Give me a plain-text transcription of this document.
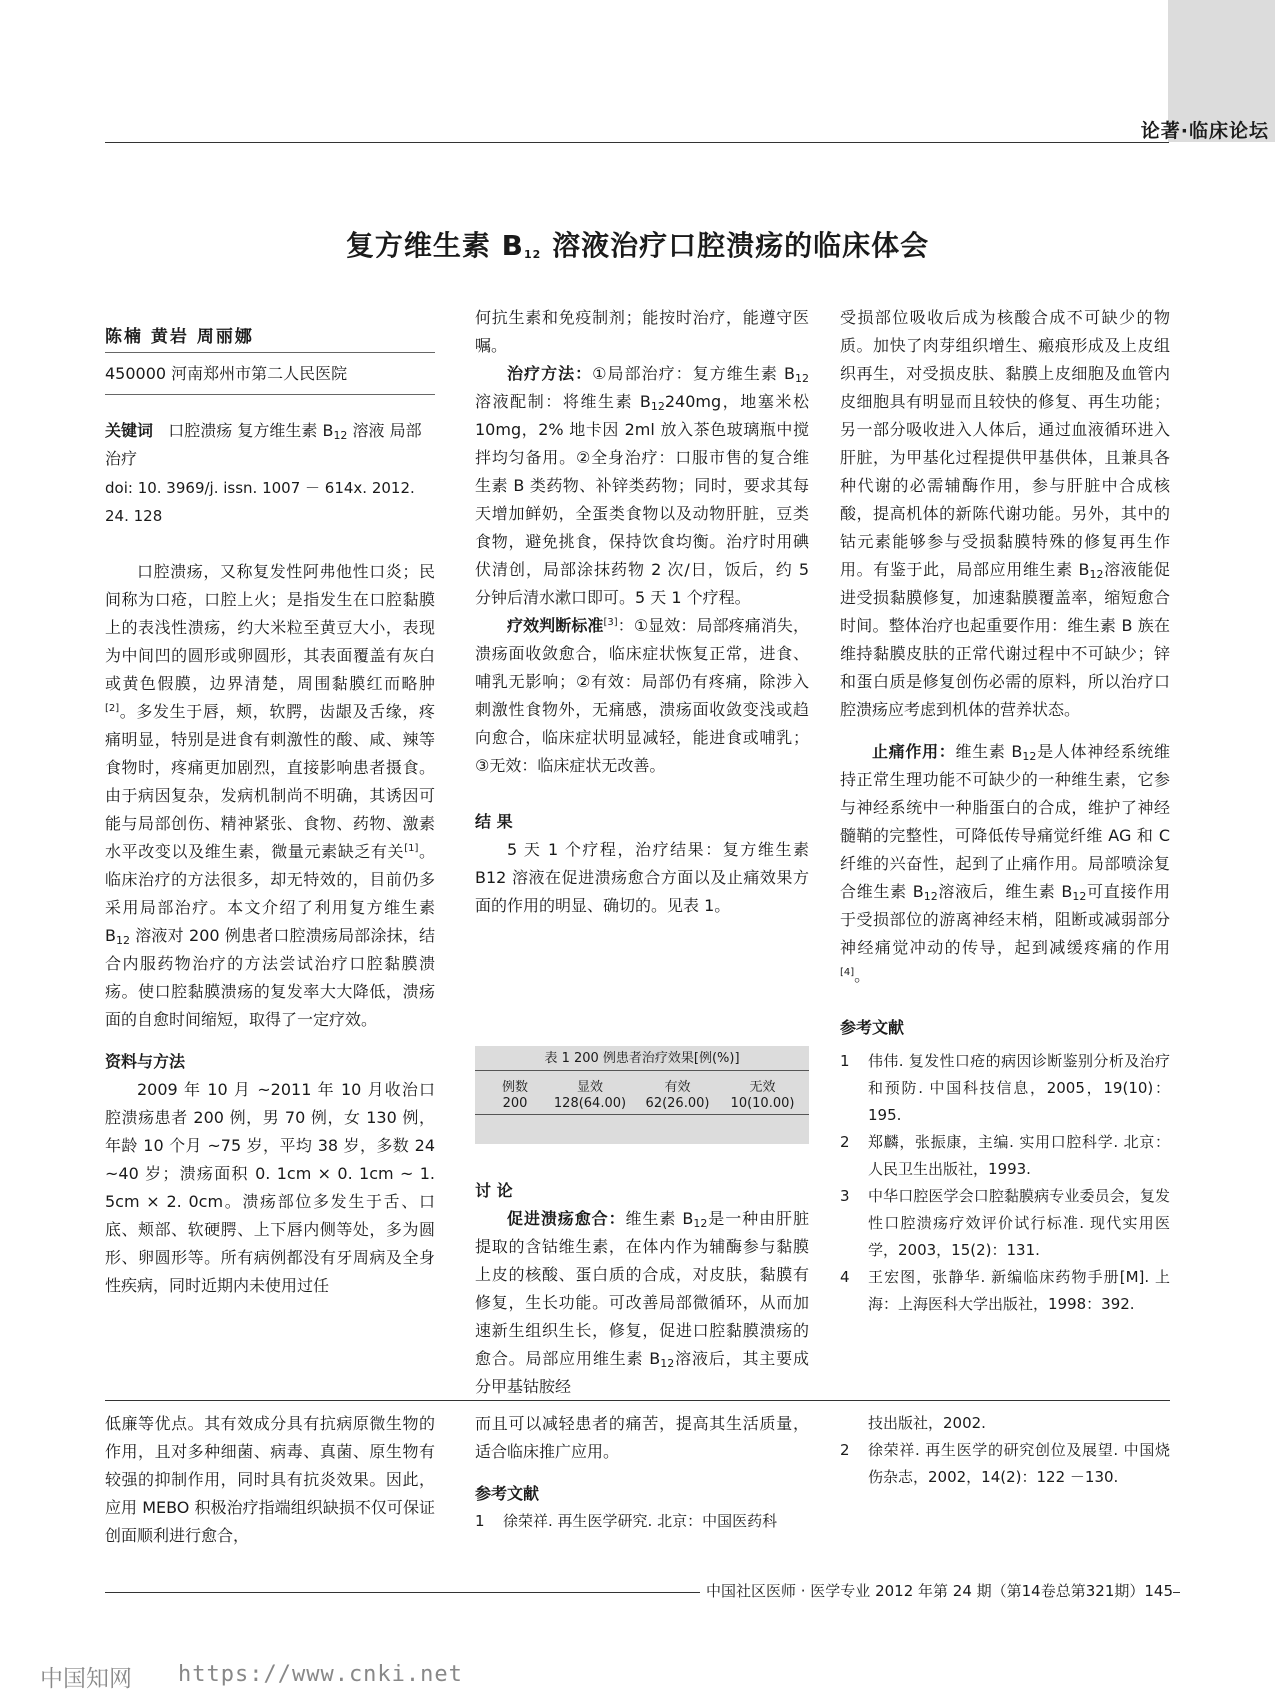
论著·临床论坛
复方维生素 $B_{12}$ 溶液治疗口腔溃疡的临床体会
陈楠 黄岩 周丽娜
450000 河南郑州市第二人民医院
关键词 口腔溃疡 复方维生素 $B_{12}$ 溶液 局部治疗
doi: 10. 3969/j. issn. 1007 － 614x. 2012. 24. 128

口腔溃疡，又称复发性阿弗他性口炎；民间称为口疮，口腔上火；是指发生在口腔黏膜上的表浅性溃疡，约大米粒至黄豆大小，表现为中间凹的圆形或卵圆形，其表面覆盖有灰白或黄色假膜，边界清楚，周围黏膜红而略肿[2]。多发生于唇，颊，软腭，齿龈及舌缘，疼痛明显，特别是进食有刺激性的酸、咸、辣等食物时，疼痛更加剧烈，直接影响患者摄食。由于病因复杂，发病机制尚不明确，其诱因可能与局部创伤、精神紧张、食物、药物、激素水平改变以及维生素，微量元素缺乏有关[1]。临床治疗的方法很多，却无特效的，目前仍多采用局部治疗。本文介绍了利用复方维生素 $B_{12}$ 溶液对 200 例患者口腔溃疡局部涂抹，结合内服药物治疗的方法尝试治疗口腔黏膜溃疡。使口腔黏膜溃疡的复发率大大降低，溃疡面的自愈时间缩短，取得了一定疗效。

资料与方法

2009 年 10 月 ~2011 年 10 月收治口腔溃疡患者 200 例，男 70 例，女 130 例，年龄 10 个月 ~75 岁，平均 38 岁，多数 24 ~40 岁；溃疡面积 0. 1cm × 0. 1cm ~ 1. 5cm × 2. 0cm。溃疡部位多发生于舌、口底、颊部、软硬腭、上下唇内侧等处，多为圆形、卵圆形等。所有病例都没有牙周病及全身性疾病，同时近期内未使用过任

何抗生素和免疫制剂；能按时治疗，能遵守医嘱。

治疗方法：①局部治疗：复方维生素 $B_{12}$ 溶液配制：将维生素 $B_{12}240mg$，地塞米松 10mg，2% 地卡因 2ml 放入茶色玻璃瓶中搅拌均匀备用。②全身治疗：口服市售的复合维生素 B 类药物、补锌类药物；同时，要求其每天增加鲜奶，全蛋类食物以及动物肝脏，豆类食物，避免挑食，保持饮食均衡。治疗时用碘伏清创，局部涂抹药物 2 次/日，饭后，约 5 分钟后清水漱口即可。5 天 1 个疗程。

疗效判断标准[3]：①显效：局部疼痛消失，溃疡面收敛愈合，临床症状恢复正常，进食、哺乳无影响；②有效：局部仍有疼痛，除涉入刺激性食物外，无痛感，溃疡面收敛变浅或趋向愈合，临床症状明显减轻，能进食或哺乳；③无效：临床症状无改善。

结 果

5 天 1 个疗程，治疗结果：复方维生素 B12 溶液在促进溃疡愈合方面以及止痛效果方面的作用的明显、确切的。见表 1。

表 1 200 例患者治疗效果[例(%)]
例数	显效	有效	无效
200	128(64.00)	62(26.00)	10(10.00)

讨 论

促进溃疡愈合：维生素 $B_{12}$是一种由肝脏提取的含钴维生素，在体内作为辅酶参与黏膜上皮的核酸、蛋白质的合成，对皮肤，黏膜有修复，生长功能。可改善局部微循环，从而加速新生组织生长，修复，促进口腔黏膜溃疡的愈合。局部应用维生素 $B_{12}$溶液后，其主要成分甲基钴胺经

受损部位吸收后成为核酸合成不可缺少的物质。加快了肉芽组织增生、瘢痕形成及上皮组织再生，对受损皮肤、黏膜上皮细胞及血管内皮细胞具有明显而且较快的修复、再生功能；另一部分吸收进入人体后，通过血液循环进入肝脏，为甲基化过程提供甲基供体，且兼具各种代谢的必需辅酶作用，参与肝脏中合成核酸，提高机体的新陈代谢功能。另外，其中的钴元素能够参与受损黏膜特殊的修复再生作用。有鉴于此，局部应用维生素 $B_{12}$溶液能促进受损黏膜修复，加速黏膜覆盖率，缩短愈合时间。整体治疗也起重要作用：维生素 B 族在维持黏膜皮肤的正常代谢过程中不可缺少；锌和蛋白质是修复创伤必需的原料，所以治疗口腔溃疡应考虑到机体的营养状态。

止痛作用：维生素 $B_{12}$是人体神经系统维持正常生理功能不可缺少的一种维生素，它参与神经系统中一种脂蛋白的合成，维护了神经髓鞘的完整性，可降低传导痛觉纤维 AG 和 C 纤维的兴奋性，起到了止痛作用。局部喷涂复合维生素 $B_{12}$溶液后，维生素 $B_{12}$可直接作用于受损部位的游离神经末梢，阻断或减弱部分神经痛觉冲动的传导，起到减缓疼痛的作用[4]。

参考文献

1 伟伟. 复发性口疮的病因诊断鉴别分析及治疗和预防. 中国科技信息，2005，19(10)：195.
2 郑麟，张振康，主编. 实用口腔科学. 北京：人民卫生出版社，1993.
3 中华口腔医学会口腔黏膜病专业委员会，复发性口腔溃疡疗效评价试行标准. 现代实用医学，2003，15(2)：131.
4 王宏图，张静华. 新编临床药物手册[M]. 上海：上海医科大学出版社，1998：392.

低廉等优点。其有效成分具有抗病原微生物的作用，且对多种细菌、病毒、真菌、原生物有较强的抑制作用，同时具有抗炎效果。因此，应用 MEBO 积极治疗指端组织缺损不仅可保证创面顺利进行愈合，

而且可以减轻患者的痛苦，提高其生活质量，适合临床推广应用。

参考文献

1 徐荣祥. 再生医学研究. 北京：中国医药科
技出版社，2002.
2 徐荣祥. 再生医学的研究创位及展望. 中国烧伤杂志，2002，14(2)：122 －130.
中国社区医师 · 医学专业 2012 年第 24 期（第14卷总第321期）145
中国知网 https://www.cnki.net
